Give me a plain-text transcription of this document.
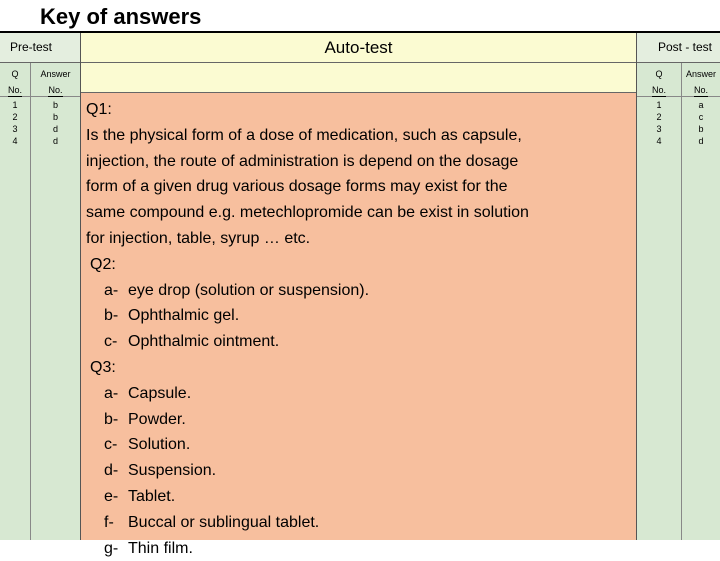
Key of answers
Pre-test
Q
No.
1
2
3
4
Answer
No.
b
b
d
d
Auto-test
Q1:
Is the physical form of a dose of medication, such as capsule,
injection, the route of administration is depend on the dosage
form of a given drug various dosage forms may exist for the
same compound e.g. metechlopromide can be exist in solution
for injection, table, syrup … etc.
Q2:
a- eye drop (solution or suspension).
b- Ophthalmic gel.
c- Ophthalmic ointment.
Q3:
a- Capsule.
b- Powder.
c- Solution.
d- Suspension.
e- Tablet.
f- Buccal or sublingual tablet.
g- Thin film.
Post - test
Q
No.
1
2
3
4
Answer
No.
a
c
b
d
